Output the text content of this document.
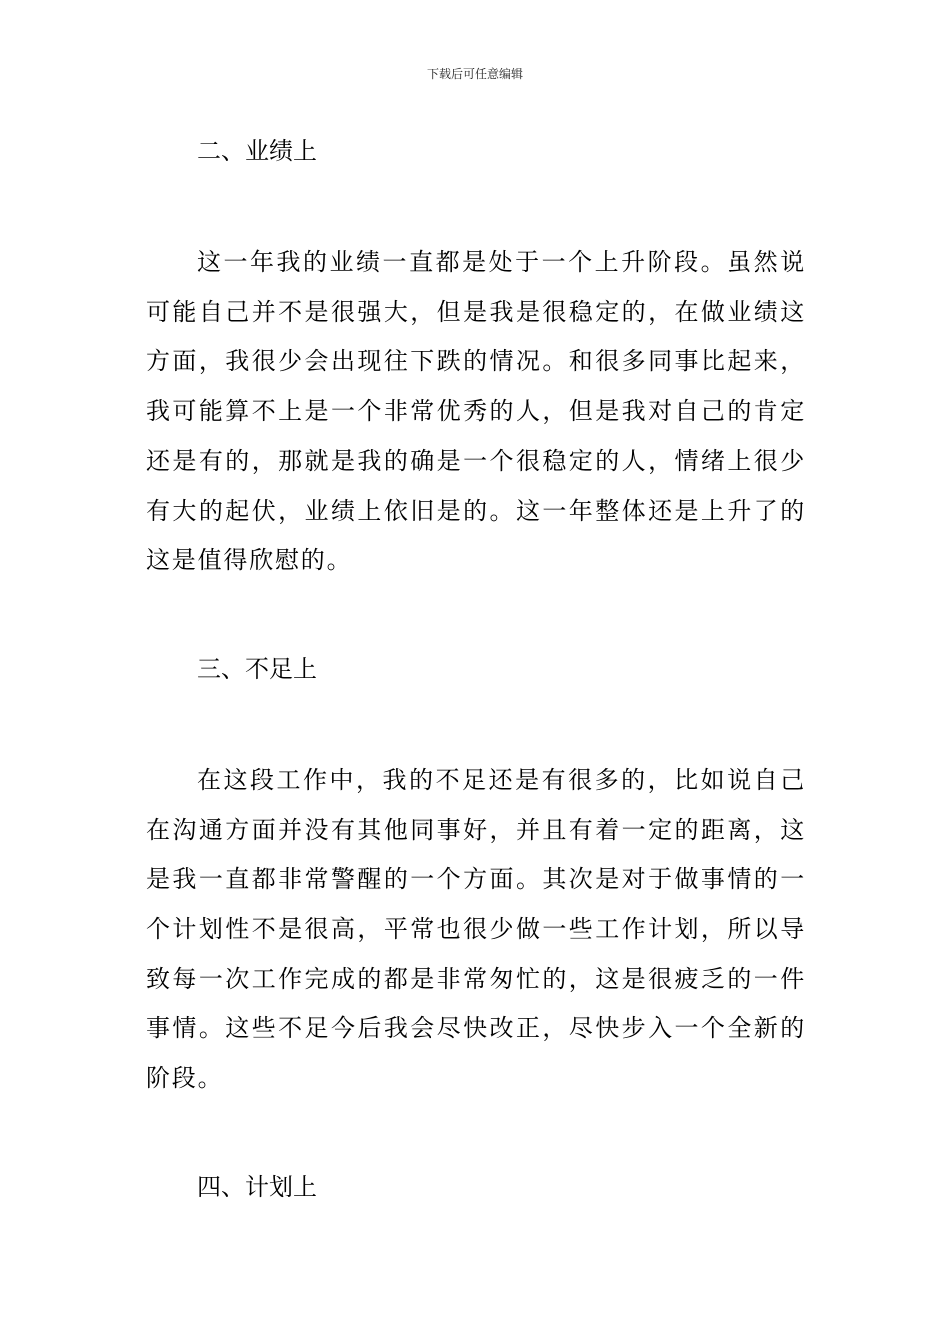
下载后可任意编辑
二、业绩上

这一年我的业绩一直都是处于一个上升阶段。虽然说可能自己并不是很强大，但是我是很稳定的，在做业绩这方面，我很少会出现往下跌的情况。和很多同事比起来，我可能算不上是一个非常优秀的人，但是我对自己的肯定还是有的，那就是我的确是一个很稳定的人，情绪上很少有大的起伏，业绩上依旧是的。这一年整体还是上升了的这是值得欣慰的。

三、不足上

在这段工作中，我的不足还是有很多的，比如说自己在沟通方面并没有其他同事好，并且有着一定的距离，这是我一直都非常警醒的一个方面。其次是对于做事情的一个计划性不是很高，平常也很少做一些工作计划，所以导致每一次工作完成的都是非常匆忙的，这是很疲乏的一件事情。这些不足今后我会尽快改正，尽快步入一个全新的阶段。

四、计划上
